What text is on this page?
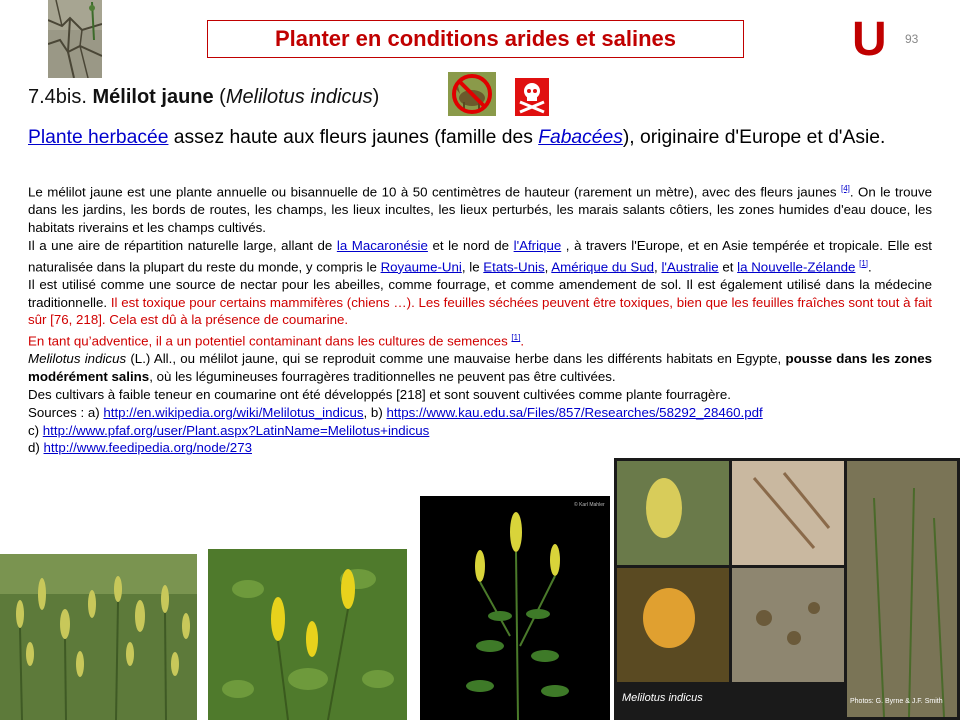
Planter en conditions arides et salines	U 93
7.4bis. Mélilot jaune (Melilotus indicus)
Plante herbacée assez haute aux fleurs jaunes (famille des Fabacées), originaire d'Europe et d'Asie.

Le mélilot jaune est une plante annuelle ou bisannuelle de 10 à 50 centimètres de hauteur (rarement un mètre), avec des fleurs jaunes [4]. On le trouve dans les jardins, les bords de routes, les champs, les lieux incultes, les lieux perturbés, les marais salants côtiers, les zones humides d'eau douce, les habitats riverains et les champs cultivés.

Il a une aire de répartition naturelle large, allant de la Macaronésie et le nord de l'Afrique , à travers l'Europe, et en Asie tempérée et tropicale. Elle est naturalisée dans la plupart du reste du monde, y compris le Royaume-Uni, le Etats-Unis, Amérique du Sud, l'Australie et la Nouvelle-Zélande [1].

Il est utilisé comme une source de nectar pour les abeilles, comme fourrage, et comme amendement de sol. Il est également utilisé dans la médecine traditionnelle. Il est toxique pour certains mammifères (chiens …). Les feuilles séchées peuvent être toxiques, bien que les feuilles fraîches sont tout à fait sûr [76, 218]. Cela est dû à la présence de coumarine.

En tant qu’adventice, il a un potentiel contaminant dans les cultures de semences [1].

Melilotus indicus (L.) All., ou mélilot jaune, qui se reproduit comme une mauvaise herbe dans les différents habitats en Egypte, pousse dans les zones modérément salins, où les légumineuses fourragères traditionnelles ne peuvent pas être cultivées.

Des cultivars à faible teneur en coumarine ont été développés [218] et sont souvent cultivées comme plante fourragère.

Sources : a) http://en.wikipedia.org/wiki/Melilotus_indicus, b) https://www.kau.edu.sa/Files/857/Researches/58292_28460.pdf

c) http://www.pfaf.org/user/Plant.aspx?LatinName=Melilotus+indicus

d) http://www.feedipedia.org/node/273

© Karl Mahler
Melilotus indicus	Photos: G. Byrne & J.F. Smith
